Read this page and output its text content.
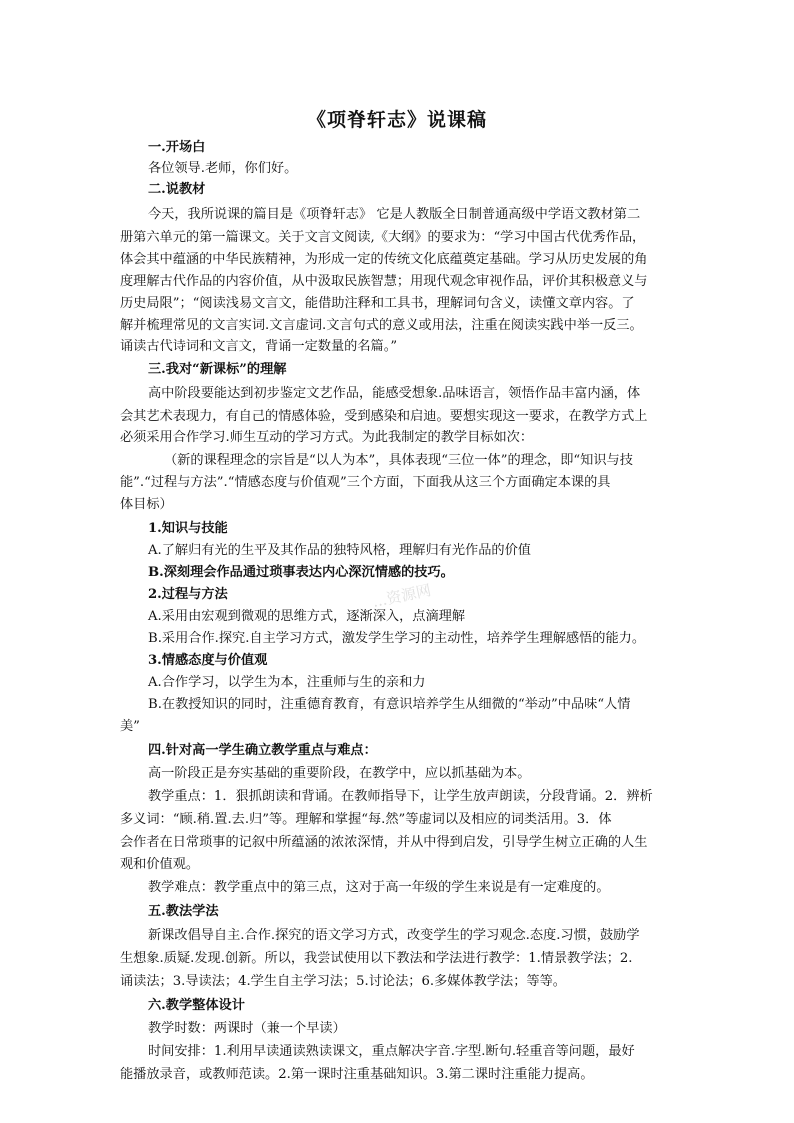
《项脊轩志》说课稿
一.开场白
各位领导.老师，你们好。
二.说教材
今天，我所说课的篇目是《项脊轩志》 它是人教版全日制普通高级中学语文教材第二
册第六单元的第一篇课文。关于文言文阅读,《大纲》的要求为：“学习中国古代优秀作品，
体会其中蕴涵的中华民族精神，为形成一定的传统文化底蕴奠定基础。学习从历史发展的角
度理解古代作品的内容价值，从中汲取民族智慧；用现代观念审视作品，评价其积极意义与
历史局限”；“阅读浅易文言文，能借助注释和工具书，理解词句含义，读懂文章内容。了
解并梳理常见的文言实词.文言虚词.文言句式的意义或用法，注重在阅读实践中举一反三。
诵读古代诗词和文言文，背诵一定数量的名篇。”
三.我对“新课标”的理解
高中阶段要能达到初步鉴定文艺作品，能感受想象.品味语言，领悟作品丰富内涵，体
会其艺术表现力，有自己的情感体验，受到感染和启迪。要想实现这一要求，在教学方式上
必须采用合作学习.师生互动的学习方式。为此我制定的教学目标如次：
（新的课程理念的宗旨是“以人为本”，具体表现“三位一体”的理念，即“知识与技
能”.“过程与方法”.“情感态度与价值观”三个方面，下面我从这三个方面确定本课的具
体目标）
1.知识与技能
A.了解归有光的生平及其作品的独特风格，理解归有光作品的价值
B.深刻理会作品通过琐事表达内心深沉情感的技巧。
2.过程与方法
A.采用由宏观到微观的思维方式，逐渐深入，点滴理解
B.采用合作.探究.自主学习方式，激发学生学习的主动性，培养学生理解感悟的能力。
3.情感态度与价值观
A.合作学习，以学生为本，注重师与生的亲和力
B.在教授知识的同时，注重德育教育，有意识培养学生从细微的“举动”中品味“人情
美”
四.针对高一学生确立教学重点与难点：
高一阶段正是夯实基础的重要阶段，在教学中，应以抓基础为本。
教学重点：1．狠抓朗读和背诵。在教师指导下，让学生放声朗读，分段背诵。2．辨析
多义词：“顾.稍.置.去.归”等。理解和掌握“每.然”等虚词以及相应的词类活用。3．体
会作者在日常琐事的记叙中所蕴涵的浓浓深情，并从中得到启发，引导学生树立正确的人生
观和价值观。
教学难点：教学重点中的第三点，这对于高一年级的学生来说是有一定难度的。
五.教法学法
新课改倡导自主.合作.探究的语文学习方式，改变学生的学习观念.态度.习惯，鼓励学
生想象.质疑.发现.创新。所以，我尝试使用以下教法和学法进行教学：1.情景教学法；2.
诵读法；3.导读法；4.学生自主学习法；5.讨论法；6.多媒体教学法；等等。
六.教学整体设计
教学时数：两课时（兼一个早读）
时间安排：1.利用早读通读熟读课文，重点解决字音.字型.断句.轻重音等问题，最好
能播放录音，或教师范读。2.第一课时注重基础知识。3.第二课时注重能力提高。
...资源网
